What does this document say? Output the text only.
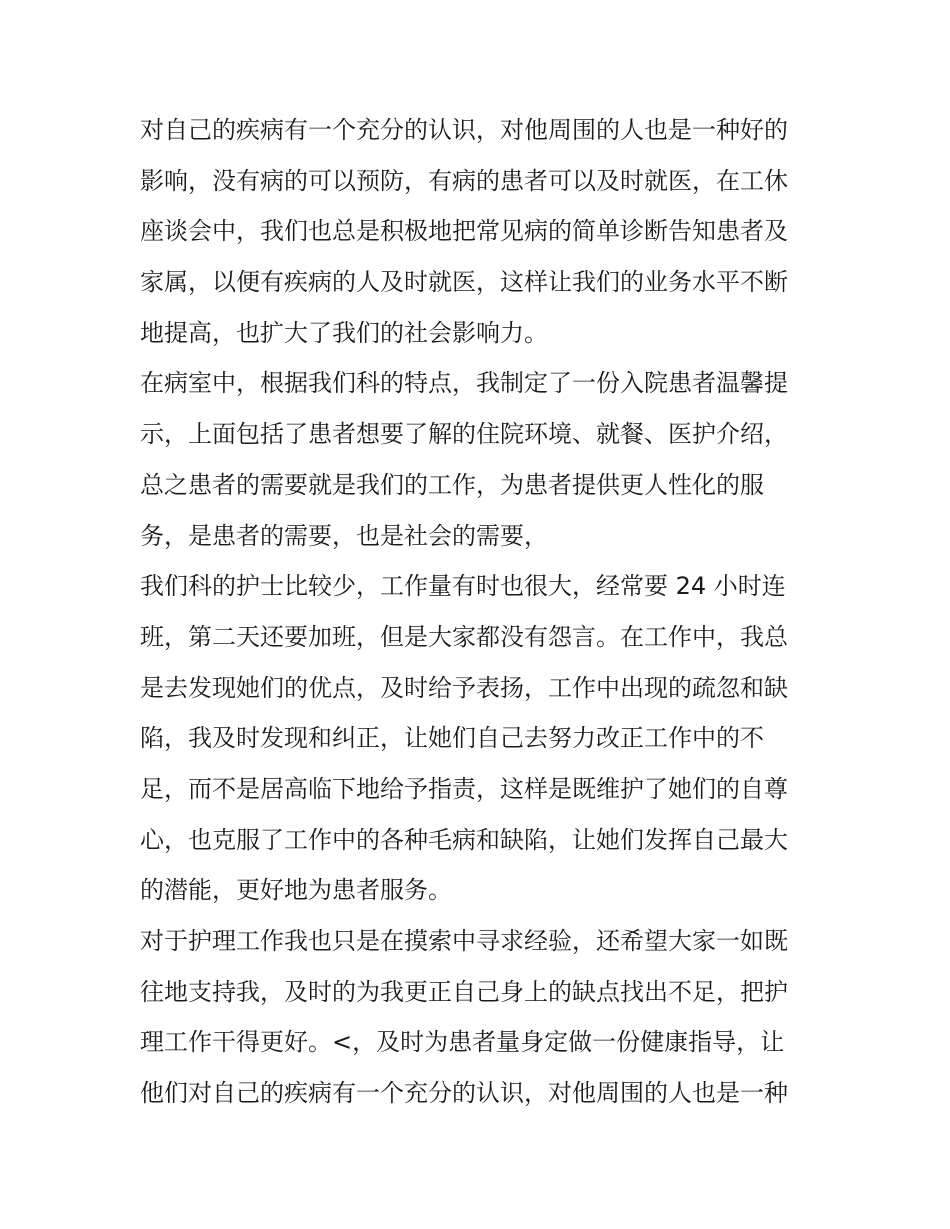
对自己的疾病有一个充分的认识，对他周围的人也是一种好的
影响，没有病的可以预防，有病的患者可以及时就医，在工休
座谈会中，我们也总是积极地把常见病的简单诊断告知患者及
家属，以便有疾病的人及时就医，这样让我们的业务水平不断
地提高，也扩大了我们的社会影响力。
在病室中，根据我们科的特点，我制定了一份入院患者温馨提
示，上面包括了患者想要了解的住院环境、就餐、医护介绍，
总之患者的需要就是我们的工作，为患者提供更人性化的服
务，是患者的需要，也是社会的需要，
我们科的护士比较少，工作量有时也很大，经常要 24 小时连
班，第二天还要加班，但是大家都没有怨言。在工作中，我总
是去发现她们的优点，及时给予表扬，工作中出现的疏忽和缺
陷，我及时发现和纠正，让她们自己去努力改正工作中的不
足，而不是居高临下地给予指责，这样是既维护了她们的自尊
心，也克服了工作中的各种毛病和缺陷，让她们发挥自己最大
的潜能，更好地为患者服务。
对于护理工作我也只是在摸索中寻求经验，还希望大家一如既
往地支持我，及时的为我更正自己身上的缺点找出不足，把护
理工作干得更好。<，及时为患者量身定做一份健康指导，让
他们对自己的疾病有一个充分的认识，对他周围的人也是一种
